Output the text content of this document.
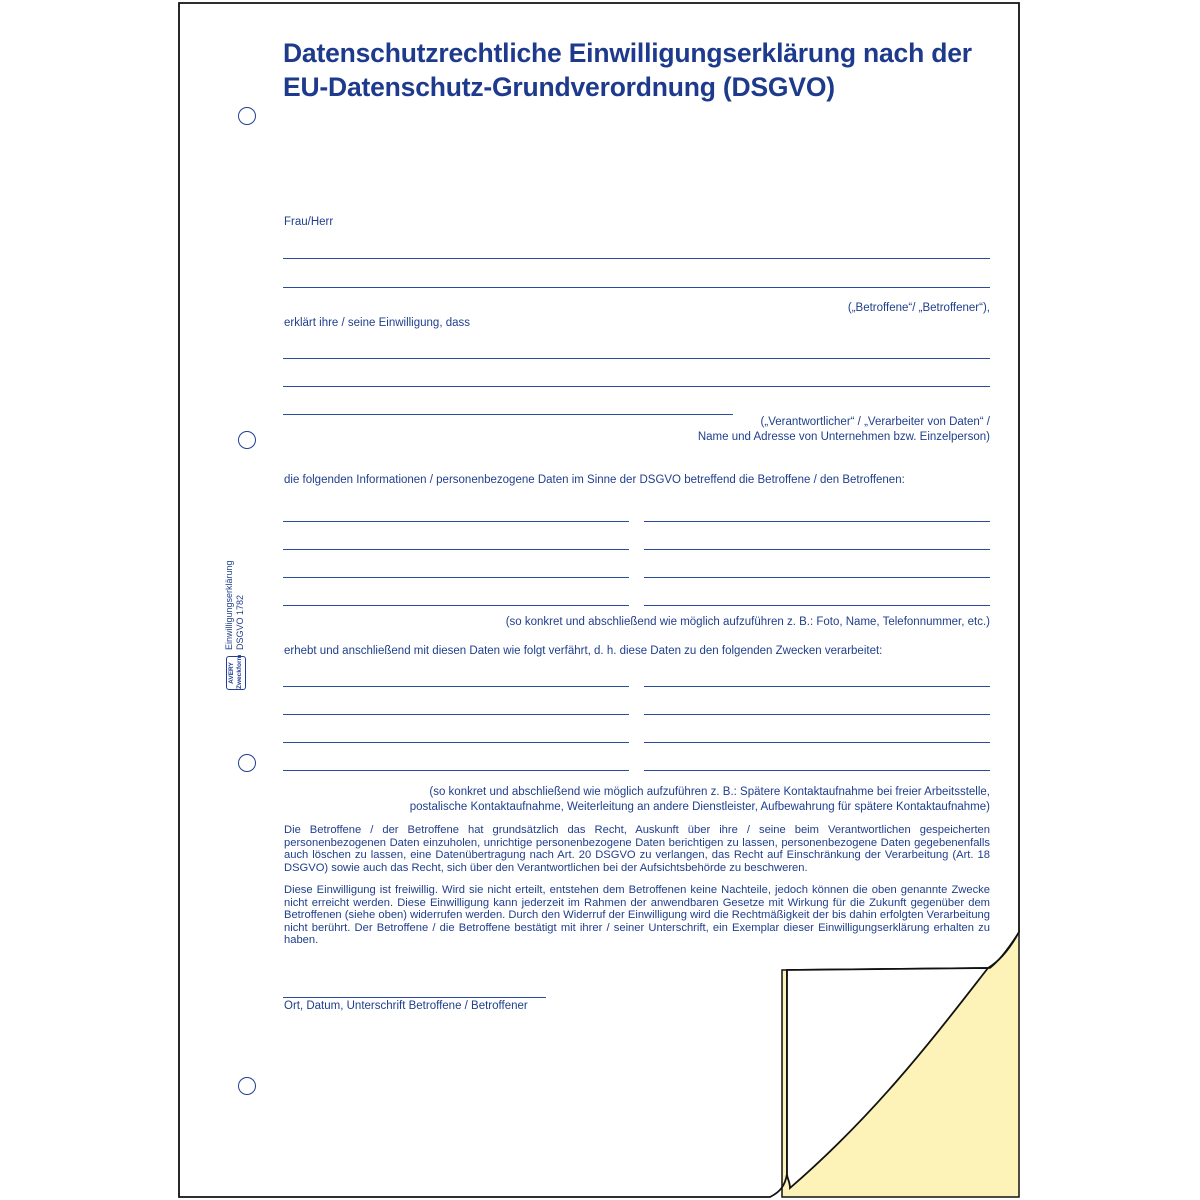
Datenschutzrechtliche Einwilligungserklärung nach der
EU-Datenschutz-Grundverordnung (DSGVO)
AVERY Zweckform
Einwilligungserklärung DSGVO 1782
Frau/Herr
(„Betroffene“/ „Betroffener“),
erklärt ihre / seine Einwilligung, dass
(„Verantwortlicher“ / „Verarbeiter von Daten“ /
Name und Adresse von Unternehmen bzw. Einzelperson)
die folgenden Informationen / personenbezogene Daten im Sinne der DSGVO betreffend die Betroffene / den Betroffenen:
(so konkret und abschließend wie möglich aufzuführen z. B.: Foto, Name, Telefonnummer, etc.)
erhebt und anschließend mit diesen Daten wie folgt verfährt, d. h. diese Daten zu den folgenden Zwecken verarbeitet:
(so konkret und abschließend wie möglich aufzuführen z. B.: Spätere Kontaktaufnahme bei freier Arbeitsstelle,
postalische Kontaktaufnahme, Weiterleitung an andere Dienstleister, Aufbewahrung für spätere Kontaktaufnahme)
Die Betroffene / der Betroffene hat grundsätzlich das Recht, Auskunft über ihre / seine beim Verantwortlichen gespeicherten personenbezogenen Daten einzuholen, unrichtige personenbezogene Daten berichtigen zu lassen, personenbezogene Daten gegebenenfalls auch löschen zu lassen, eine Datenübertragung nach Art. 20 DSGVO zu verlangen, das Recht auf Einschränkung der Verarbeitung (Art. 18 DSGVO) sowie auch das Recht, sich über den Verantwortlichen bei der Aufsichtsbehörde zu beschweren.
Diese Einwilligung ist freiwillig. Wird sie nicht erteilt, entstehen dem Betroffenen keine Nachteile, jedoch können die oben genannte Zwecke nicht erreicht werden. Diese Einwilligung kann jederzeit im Rahmen der anwendbaren Gesetze mit Wirkung für die Zukunft gegenüber dem Betroffenen (siehe oben) widerrufen werden. Durch den Widerruf der Einwilligung wird die Rechtmäßigkeit der bis dahin erfolgten Verarbeitung nicht berührt. Der Betroffene / die Betroffene bestätigt mit ihrer / seiner Unterschrift, ein Exemplar dieser Einwilligungserklärung erhalten zu haben.
Ort, Datum, Unterschrift Betroffene / Betroffener
